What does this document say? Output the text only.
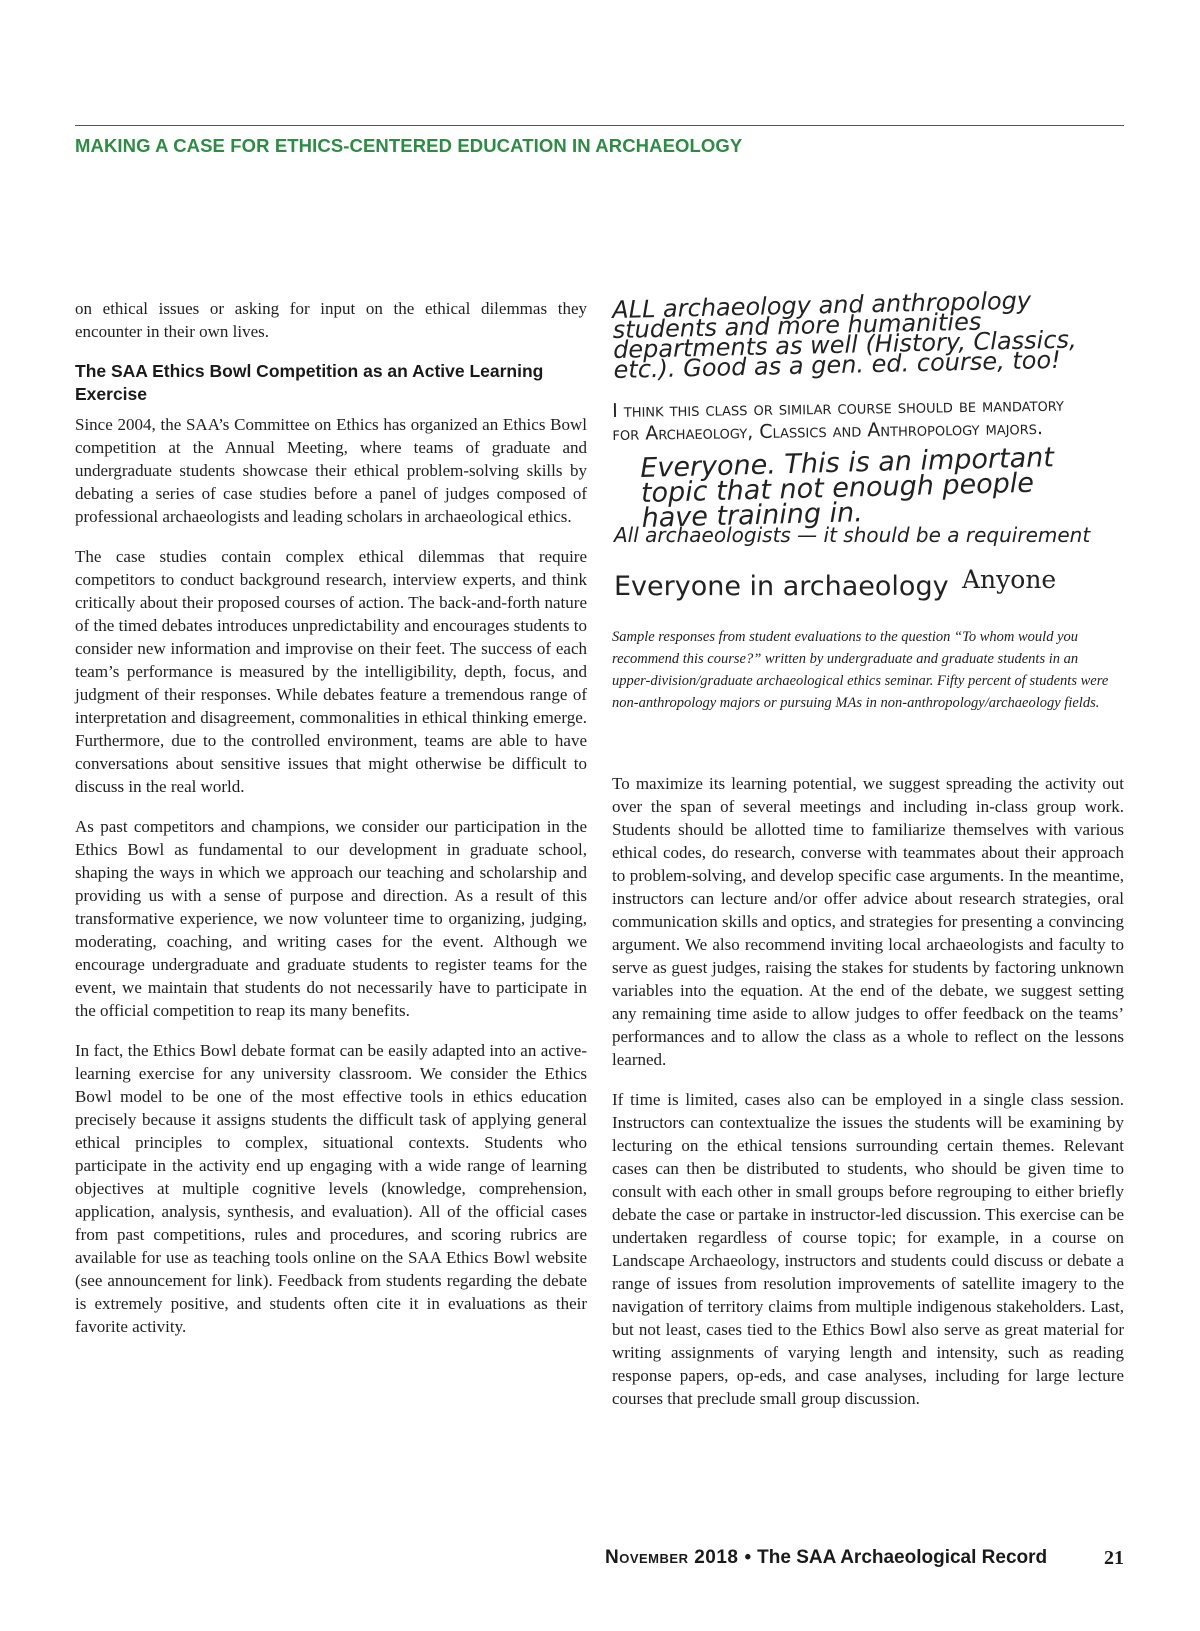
MAKING A CASE FOR ETHICS-CENTERED EDUCATION IN ARCHAEOLOGY

on ethical issues or asking for input on the ethical dilemmas they encounter in their own lives.

The SAA Ethics Bowl Competition as an Active Learning Exercise

Since 2004, the SAA’s Committee on Ethics has organized an Ethics Bowl competition at the Annual Meeting, where teams of graduate and undergraduate students showcase their ethical problem-solving skills by debating a series of case studies before a panel of judges composed of professional archaeologists and leading scholars in archaeological ethics.

The case studies contain complex ethical dilemmas that require competitors to conduct background research, interview experts, and think critically about their proposed courses of action. The back-and-forth nature of the timed debates introduces unpredictability and encourages students to consider new information and improvise on their feet. The success of each team’s performance is measured by the intelligibility, depth, focus, and judgment of their responses. While debates feature a tremendous range of interpretation and disagreement, commonalities in ethical thinking emerge. Furthermore, due to the controlled environment, teams are able to have conversations about sensitive issues that might otherwise be difficult to discuss in the real world.

As past competitors and champions, we consider our participation in the Ethics Bowl as fundamental to our development in graduate school, shaping the ways in which we approach our teaching and scholarship and providing us with a sense of purpose and direction. As a result of this transformative experience, we now volunteer time to organizing, judging, moderating, coaching, and writing cases for the event. Although we encourage undergraduate and graduate students to register teams for the event, we maintain that students do not necessarily have to participate in the official competition to reap its many benefits.

In fact, the Ethics Bowl debate format can be easily adapted into an active-learning exercise for any university classroom. We consider the Ethics Bowl model to be one of the most effective tools in ethics education precisely because it assigns students the difficult task of applying general ethical principles to complex, situational contexts. Students who participate in the activity end up engaging with a wide range of learning objectives at multiple cognitive levels (knowledge, comprehension, application, analysis, synthesis, and evaluation). All of the official cases from past competitions, rules and procedures, and scoring rubrics are available for use as teaching tools online on the SAA Ethics Bowl website (see announcement for link). Feedback from students regarding the debate is extremely positive, and students often cite it in evaluations as their favorite activity.

ALL archaeology and anthropology students and more humanities departments as well (History, Classics, etc.). Good as a gen. ed. course, too!
I think this class or similar course should be mandatory for Archaeology, Classics and Anthropology majors.
Everyone. This is an important topic that not enough people have training in.
All archaeologists — it should be a requirement
Everyone in archaeology Anyone
Sample responses from student evaluations to the question “To whom would you recommend this course?” written by undergraduate and graduate students in an upper-division/graduate archaeological ethics seminar. Fifty percent of students were non-anthropology majors or pursuing MAs in non-anthropology/archaeology fields.

To maximize its learning potential, we suggest spreading the activity out over the span of several meetings and including in-class group work. Students should be allotted time to familiarize themselves with various ethical codes, do research, converse with teammates about their approach to problem-solving, and develop specific case arguments. In the meantime, instructors can lecture and/or offer advice about research strategies, oral communication skills and optics, and strategies for presenting a convincing argument. We also recommend inviting local archaeologists and faculty to serve as guest judges, raising the stakes for students by factoring unknown variables into the equation. At the end of the debate, we suggest setting any remaining time aside to allow judges to offer feedback on the teams’ performances and to allow the class as a whole to reflect on the lessons learned.

If time is limited, cases also can be employed in a single class session. Instructors can contextualize the issues the students will be examining by lecturing on the ethical tensions surrounding certain themes. Relevant cases can then be distributed to students, who should be given time to consult with each other in small groups before regrouping to either briefly debate the case or partake in instructor-led discussion. This exercise can be undertaken regardless of course topic; for example, in a course on Landscape Archaeology, instructors and students could discuss or debate a range of issues from resolution improvements of satellite imagery to the navigation of territory claims from multiple indigenous stakeholders. Last, but not least, cases tied to the Ethics Bowl also serve as great material for writing assignments of varying length and intensity, such as reading response papers, op-eds, and case analyses, including for large lecture courses that preclude small group discussion.

November 2018 • The SAA Archaeological Record	21
